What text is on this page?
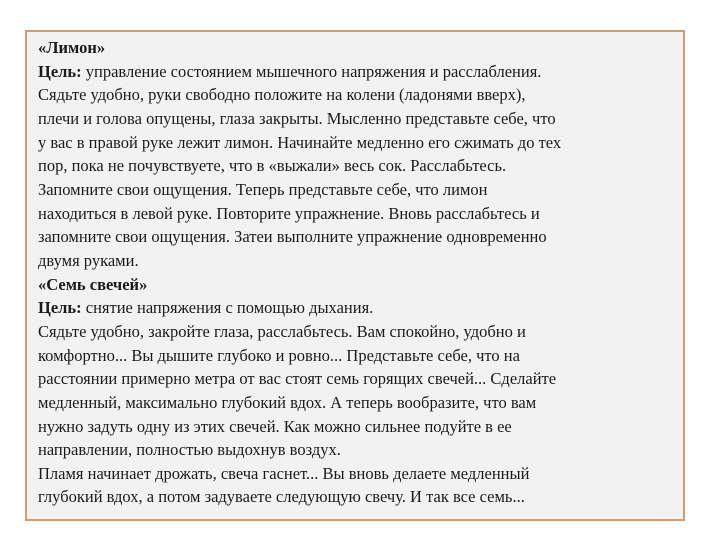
«Лимон»
Цель: управление состоянием мышечного напряжения и расслабления.
Сядьте удобно, руки свободно положите на колени (ладонями вверх),
плечи и голова опущены, глаза закрыты. Мысленно представьте себе, что
у вас в правой руке лежит лимон. Начинайте медленно его сжимать до тех
пор, пока не почувствуете, что в «выжали» весь сок. Расслабьтесь.
Запомните свои ощущения. Теперь представьте себе, что лимон
находиться в левой руке. Повторите упражнение. Вновь расслабьтесь и
запомните свои ощущения. Затеи выполните упражнение одновременно
двумя руками.
«Семь свечей»
Цель: снятие напряжения с помощью дыхания.
Сядьте удобно, закройте глаза, расслабьтесь. Вам спокойно, удобно и
комфортно... Вы дышите глубоко и ровно... Представьте себе, что на
расстоянии примерно метра от вас стоят семь горящих свечей... Сделайте
медленный, максимально глубокий вдох. А теперь вообразите, что вам
нужно задуть одну из этих свечей. Как можно сильнее подуйте в ее
направлении, полностью выдохнув воздух.
Пламя начинает дрожать, свеча гаснет... Вы вновь делаете медленный
глубокий вдох, а потом задуваете следующую свечу. И так все семь...
